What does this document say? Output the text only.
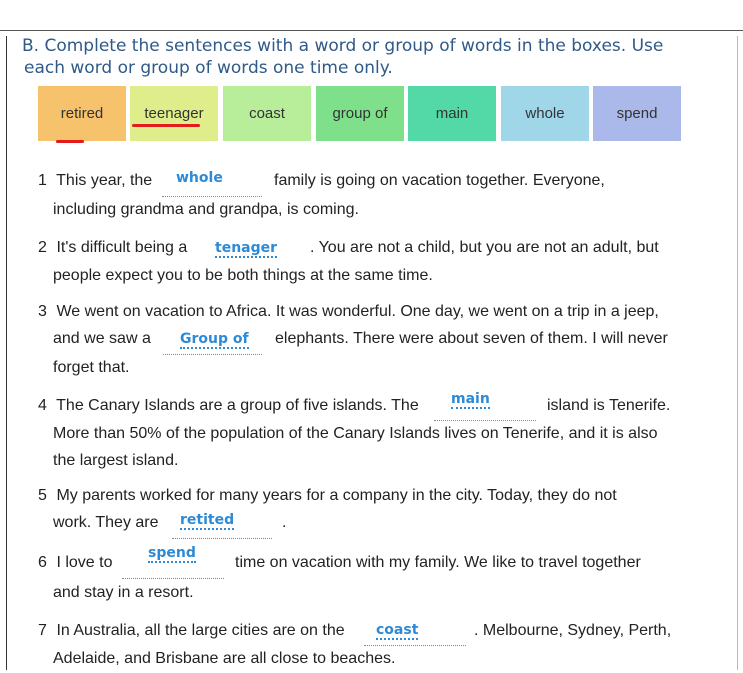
B. Complete the sentences with a word or group of words in the boxes. Use
each word or group of words one time only.
retired	teenager	coast	group of	main	whole	spend
1 This year, the whole	family is going on vacation together. Everyone,
including grandma and grandpa, is coming.
2 It's difficult being a tenager . You are not a child, but you are not an adult, but
people expect you to be both things at the same time.
3 We went on vacation to Africa. It was wonderful. One day, we went on a trip in a jeep,
and we saw a Group of elephants. There were about seven of them. I will never
forget that.
4 The Canary Islands are a group of five islands. The main	island is Tenerife.
More than 50% of the population of the Canary Islands lives on Tenerife, and it is also
the largest island.
5 My parents worked for many years for a company in the city. Today, they do not
work. They are retited	.
6 I love to
spend
time on vacation with my family. We like to travel together
and stay in a resort.
7 In Australia, all the large cities are on the coast	. Melbourne, Sydney, Perth,
Adelaide, and Brisbane are all close to beaches.
